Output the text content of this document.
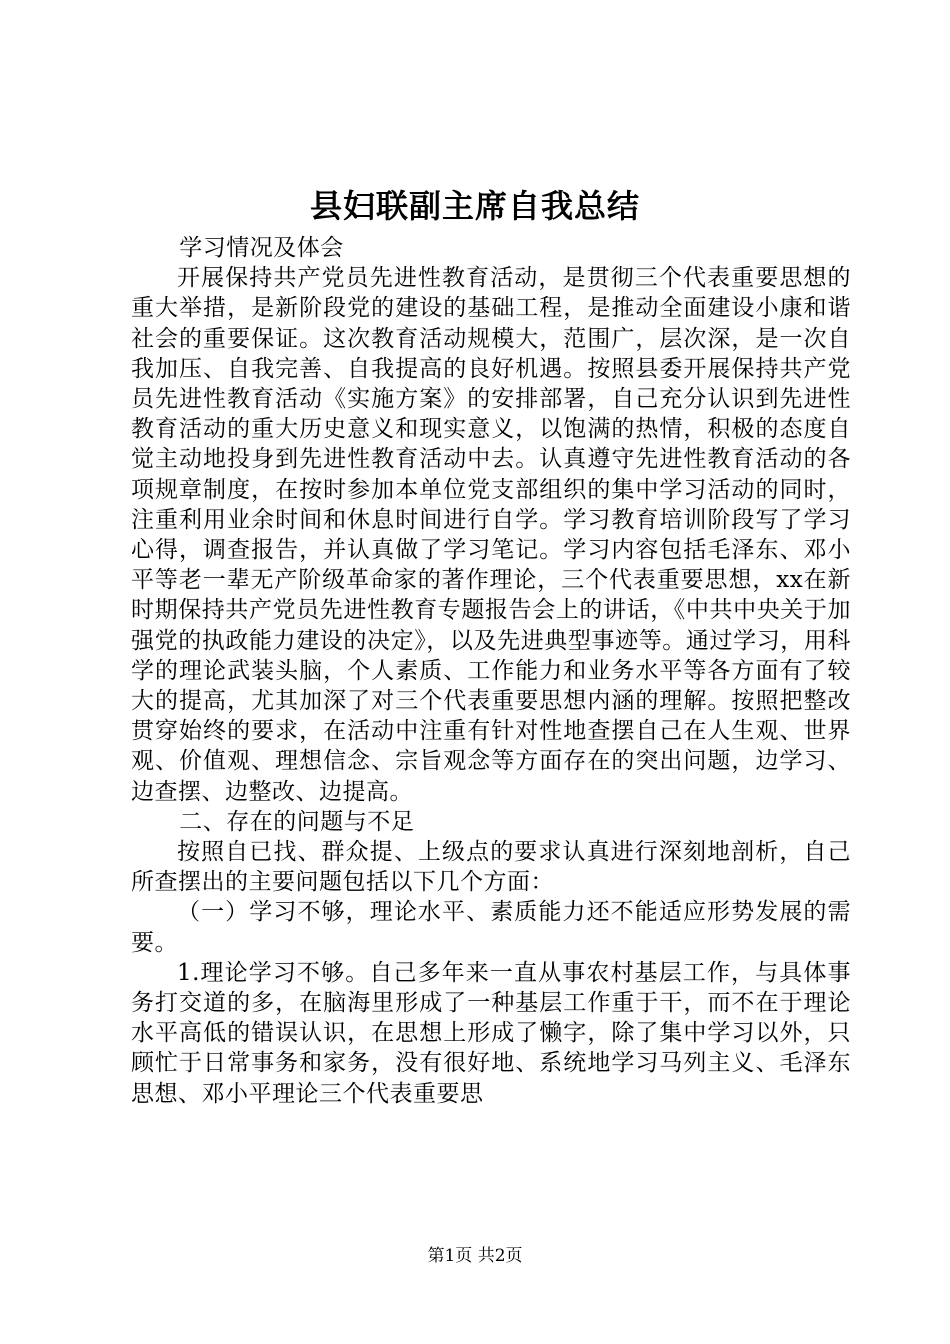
县妇联副主席自我总结

学习情况及体会

开展保持共产党员先进性教育活动，是贯彻三个代表重要思想的重大举措，是新阶段党的建设的基础工程，是推动全面建设小康和谐社会的重要保证。这次教育活动规模大，范围广，层次深，是一次自我加压、自我完善、自我提高的良好机遇。按照县委开展保持共产党员先进性教育活动《实施方案》的安排部署，自己充分认识到先进性教育活动的重大历史意义和现实意义，以饱满的热情，积极的态度自觉主动地投身到先进性教育活动中去。认真遵守先进性教育活动的各项规章制度，在按时参加本单位党支部组织的集中学习活动的同时，注重利用业余时间和休息时间进行自学。学习教育培训阶段写了学习心得，调查报告，并认真做了学习笔记。学习内容包括毛泽东、邓小平等老一辈无产阶级革命家的著作理论，三个代表重要思想，xx在新时期保持共产党员先进性教育专题报告会上的讲话，《中共中央关于加强党的执政能力建设的决定》，以及先进典型事迹等。通过学习，用科学的理论武装头脑，个人素质、工作能力和业务水平等各方面有了较大的提高，尤其加深了对三个代表重要思想内涵的理解。按照把整改贯穿始终的要求，在活动中注重有针对性地查摆自己在人生观、世界观、价值观、理想信念、宗旨观念等方面存在的突出问题，边学习、边查摆、边整改、边提高。

二、存在的问题与不足

按照自已找、群众提、上级点的要求认真进行深刻地剖析，自己所查摆出的主要问题包括以下几个方面：

（一）学习不够，理论水平、素质能力还不能适应形势发展的需要。

1.理论学习不够。自己多年来一直从事农村基层工作，与具体事务打交道的多，在脑海里形成了一种基层工作重于干，而不在于理论水平高低的错误认识，在思想上形成了懒字，除了集中学习以外，只顾忙于日常事务和家务，没有很好地、系统地学习马列主义、毛泽东思想、邓小平理论三个代表重要思

第1页 共2页
